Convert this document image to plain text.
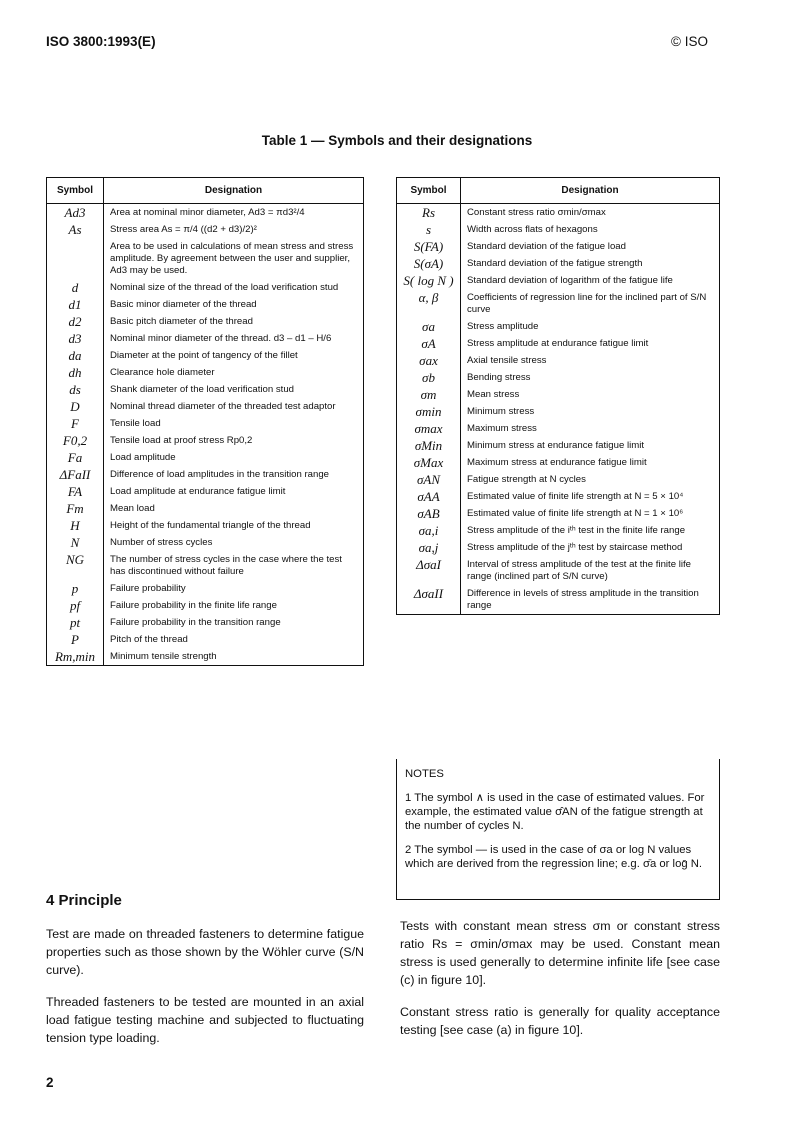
ISO 3800:1993(E)	© ISO
Table 1 — Symbols and their designations
Symbol	Designation
Ad3	Area at nominal minor diameter, Ad3 = πd3²/4
As	Stress area As = π/4 ((d2 + d3)/2)²
	Area to be used in calculations of mean stress and stress amplitude. By agreement between the user and supplier, Ad3 may be used.
d	Nominal size of the thread of the load verification stud
d1	Basic minor diameter of the thread
d2	Basic pitch diameter of the thread
d3	Nominal minor diameter of the thread. d3 – d1 – H/6
da	Diameter at the point of tangency of the fillet
dh	Clearance hole diameter
ds	Shank diameter of the load verification stud
D	Nominal thread diameter of the threaded test adaptor
F	Tensile load
F0,2	Tensile load at proof stress Rp0,2
Fa	Load amplitude
ΔFaII	Difference of load amplitudes in the transition range
FA	Load amplitude at endurance fatigue limit
Fm	Mean load
H	Height of the fundamental triangle of the thread
N	Number of stress cycles
NG	The number of stress cycles in the case where the test has discontinued without failure
p	Failure probability
pf	Failure probability in the finite life range
pt	Failure probability in the transition range
P	Pitch of the thread
Rm,min	Minimum tensile strength
Symbol	Designation
Rs	Constant stress ratio σmin/σmax
s	Width across flats of hexagons
S(FA)	Standard deviation of the fatigue load
S(σA)	Standard deviation of the fatigue strength
S( log N )	Standard deviation of logarithm of the fatigue life
α, β	Coefficients of regression line for the inclined part of S/N curve
σa	Stress amplitude
σA	Stress amplitude at endurance fatigue limit
σax	Axial tensile stress
σb	Bending stress
σm	Mean stress
σmin	Minimum stress
σmax	Maximum stress
σMin	Minimum stress at endurance fatigue limit
σMax	Maximum stress at endurance fatigue limit
σAN	Fatigue strength at N cycles
σAA	Estimated value of finite life strength at N = 5 × 10⁴
σAB	Estimated value of finite life strength at N = 1 × 10⁶
σa,i	Stress amplitude of the iᵗʰ test in the finite life range
σa,j	Stress amplitude of the jᵗʰ test by staircase method
ΔσaI	Interval of stress amplitude of the test at the finite life range (inclined part of S/N curve)
ΔσaII	Difference in levels of stress amplitude in the transition range

NOTES

1 The symbol ∧ is used in the case of estimated values. For example, the estimated value σ̂AN of the fatigue strength at the number of cycles N.

2 The symbol — is used in the case of σa or log N values which are derived from the regression line; e.g. σ̄a or loḡ N.

4 Principle

Test are made on threaded fasteners to determine fatigue properties such as those shown by the Wöhler curve (S/N curve).

Threaded fasteners to be tested are mounted in an axial load fatigue testing machine and subjected to fluctuating tension type loading.

Tests with constant mean stress σm or constant stress ratio Rs = σmin/σmax may be used. Constant mean stress is used generally to determine infinite life [see case (c) in figure 10].

Constant stress ratio is generally for quality acceptance testing [see case (a) in figure 10].

2
